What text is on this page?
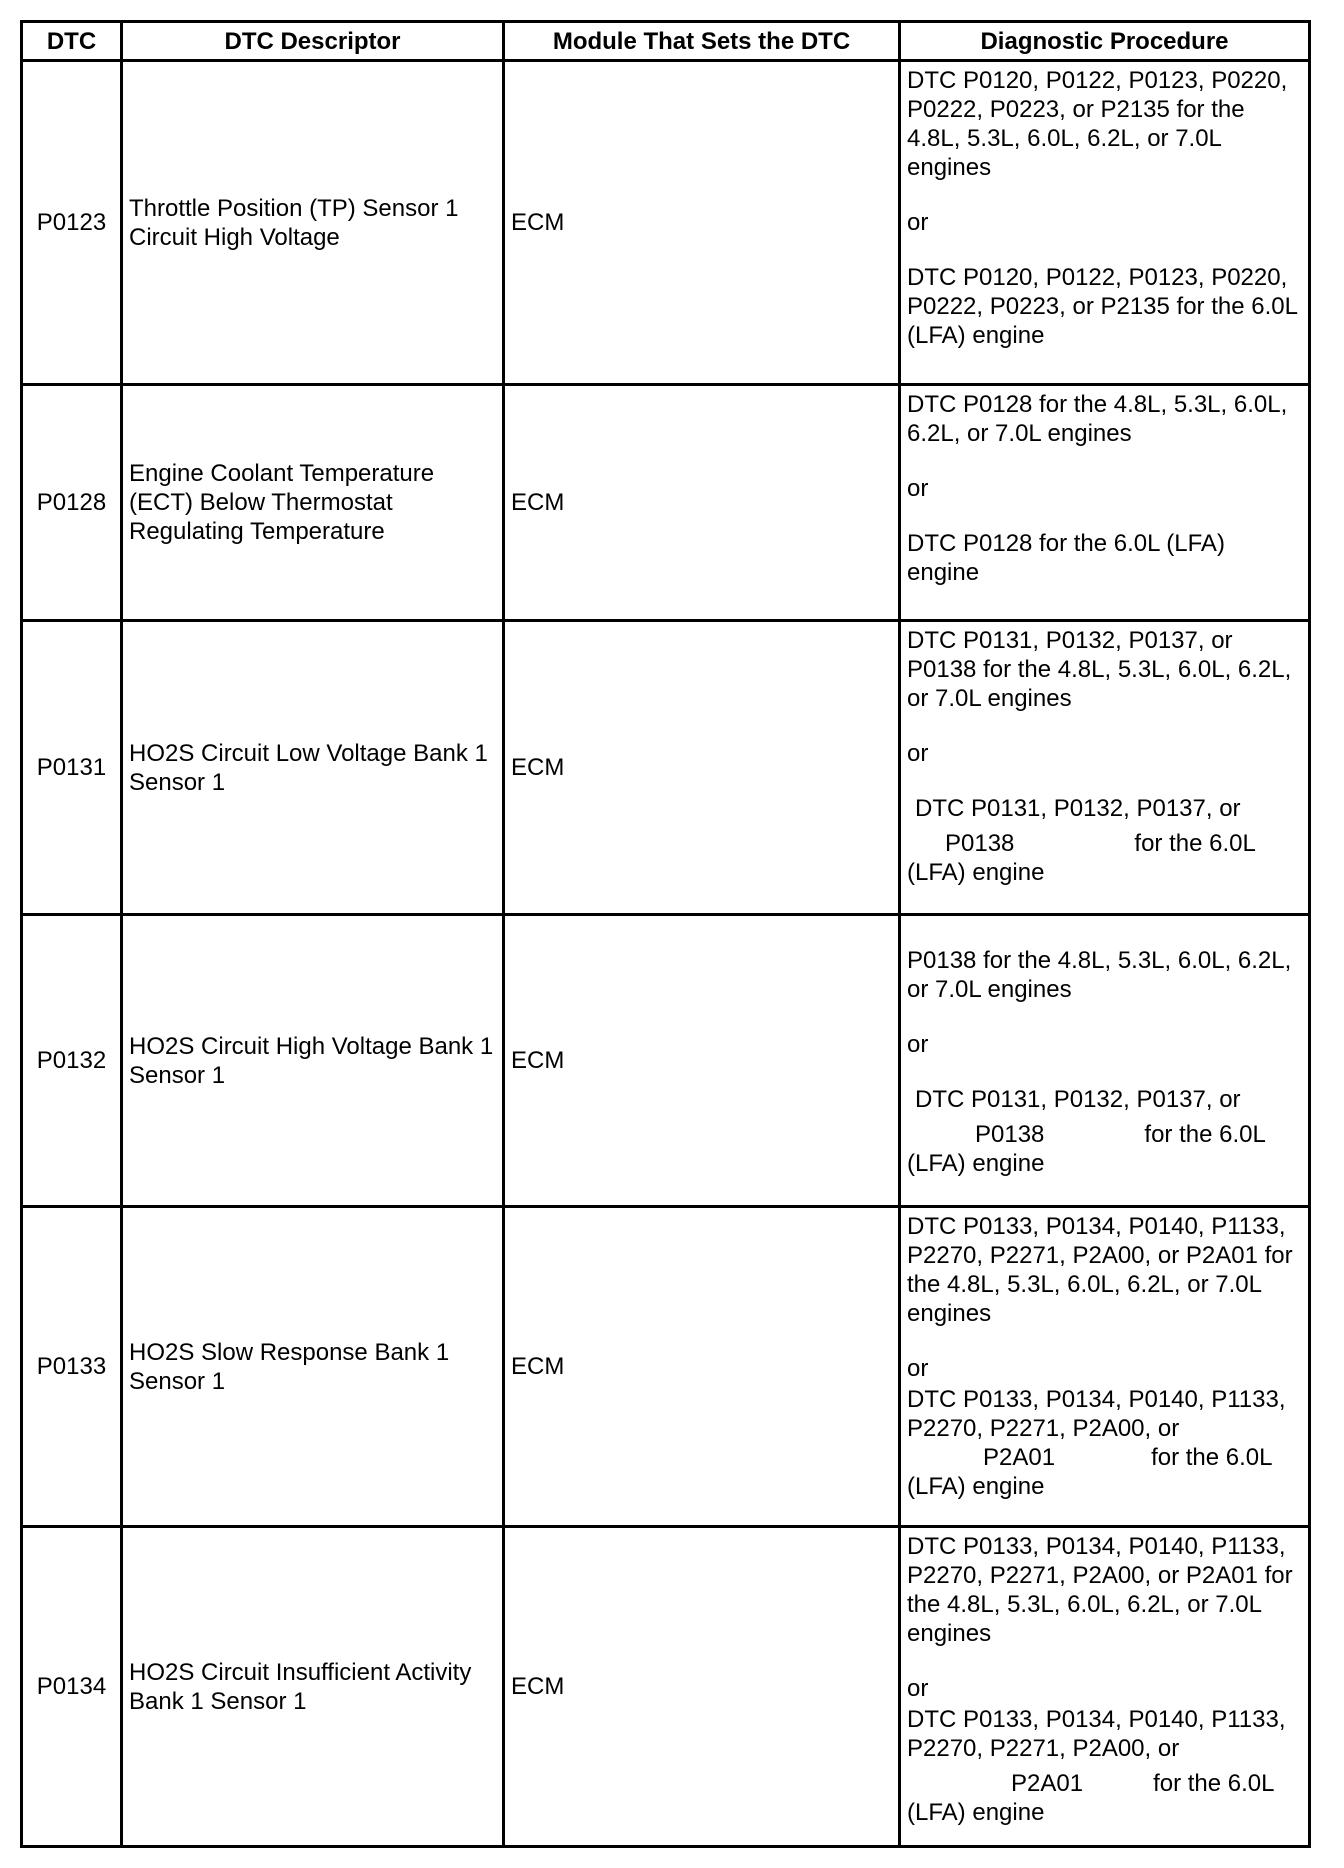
DTC	DTC Descriptor	Module That Sets the DTC	Diagnostic Procedure
P0123	Throttle Position (TP) Sensor 1 Circuit High Voltage	ECM	DTC P0120, P0122, P0123, P0220, P0222, P0223, or P2135 for the 4.8L, 5.3L, 6.0L, 6.2L, or 7.0L engines
or
DTC P0120, P0122, P0123, P0220, P0222, P0223, or P2135 for the 6.0L (LFA) engine

P0128	Engine Coolant Temperature (ECT) Below Thermostat Regulating Temperature	ECM	DTC P0128 for the 4.8L, 5.3L, 6.0L, 6.2L, or 7.0L engines
or
DTC P0128 for the 6.0L (LFA) engine

P0131	HO2S Circuit Low Voltage Bank 1 Sensor 1	ECM	DTC P0131, P0132, P0137, or P0138 for the 4.8L, 5.3L, 6.0L, 6.2L, or 7.0L engines
or
DTC P0131, P0132, P0137, or
P0138 for the 6.0L
(LFA) engine

P0132	HO2S Circuit High Voltage Bank 1 Sensor 1	ECM	P0138 for the 4.8L, 5.3L, 6.0L, 6.2L, or 7.0L engines
or
DTC P0131, P0132, P0137, or
P0138 for the 6.0L
(LFA) engine

P0133	HO2S Slow Response Bank 1 Sensor 1	ECM	DTC P0133, P0134, P0140, P1133, P2270, P2271, P2A00, or P2A01 for the 4.8L, 5.3L, 6.0L, 6.2L, or 7.0L engines
or
DTC P0133, P0134, P0140, P1133, P2270, P2271, P2A00, or
P2A01 for the 6.0L
(LFA) engine

P0134	HO2S Circuit Insufficient Activity Bank 1 Sensor 1	ECM	DTC P0133, P0134, P0140, P1133, P2270, P2271, P2A00, or P2A01 for the 4.8L, 5.3L, 6.0L, 6.2L, or 7.0L engines
or
DTC P0133, P0134, P0140, P1133, P2270, P2271, P2A00, or
P2A01 for the 6.0L
(LFA) engine
